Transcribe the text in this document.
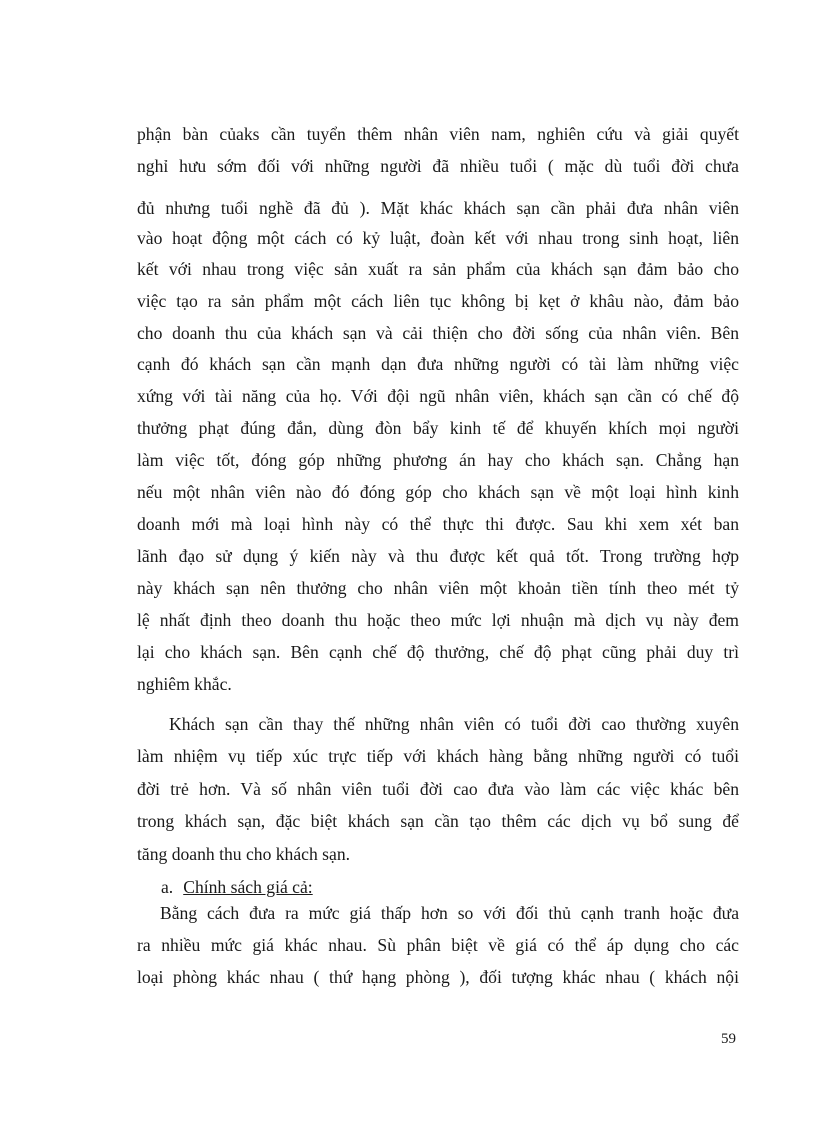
phận bàn củaks cần tuyển thêm nhân viên nam, nghiên cứu và giải quyết
nghỉ hưu sớm đối với những người đã nhiều tuổi ( mặc dù tuổi đời chưa
đủ nhưng tuổi nghề đã đủ ). Mặt khác khách sạn cần phải đưa nhân viên
vào hoạt động một cách có kỷ luật, đoàn kết với nhau trong sinh hoạt, liên
kết với nhau trong việc sản xuất ra sản phẩm của khách sạn đảm bảo cho
việc tạo ra sản phẩm một cách liên tục không bị kẹt ở khâu nào, đảm bảo
cho doanh thu của khách sạn và cải thiện cho đời sống của nhân viên. Bên
cạnh đó khách sạn cần mạnh dạn đưa những người có tài làm những việc
xứng với tài năng của họ. Với đội ngũ nhân viên, khách sạn cần có chế độ
thưởng phạt đúng đắn, dùng đòn bẩy kinh tế để khuyến khích mọi người
làm việc tốt, đóng góp những phương án hay cho khách sạn. Chẳng hạn
nếu một nhân viên nào đó đóng góp cho khách sạn về một loại hình kinh
doanh mới mà loại hình này có thể thực thi được. Sau khi xem xét ban
lãnh đạo sử dụng ý kiến này và thu được kết quả tốt. Trong trường hợp
này khách sạn nên thưởng cho nhân viên một khoản tiền tính theo mét tỷ
lệ nhất định theo doanh thu hoặc theo mức lợi nhuận mà dịch vụ này đem
lại cho khách sạn. Bên cạnh chế độ thưởng, chế độ phạt cũng phải duy trì
nghiêm khắc.
Khách sạn cần thay thế những nhân viên có tuổi đời cao thường xuyên
làm nhiệm vụ tiếp xúc trực tiếp với khách hàng bằng những người có tuổi
đời trẻ hơn. Và số nhân viên tuổi đời cao đưa vào làm các việc khác bên
trong khách sạn, đặc biệt khách sạn cần tạo thêm các dịch vụ bổ sung để
tăng doanh thu cho khách sạn.
a. Chính sách giá cả:
Bằng cách đưa ra mức giá thấp hơn so với đối thủ cạnh tranh hoặc đưa
ra nhiều mức giá khác nhau. Sù phân biệt về giá có thể áp dụng cho các
loại phòng khác nhau ( thứ hạng phòng ), đối tượng khác nhau ( khách nội
59
